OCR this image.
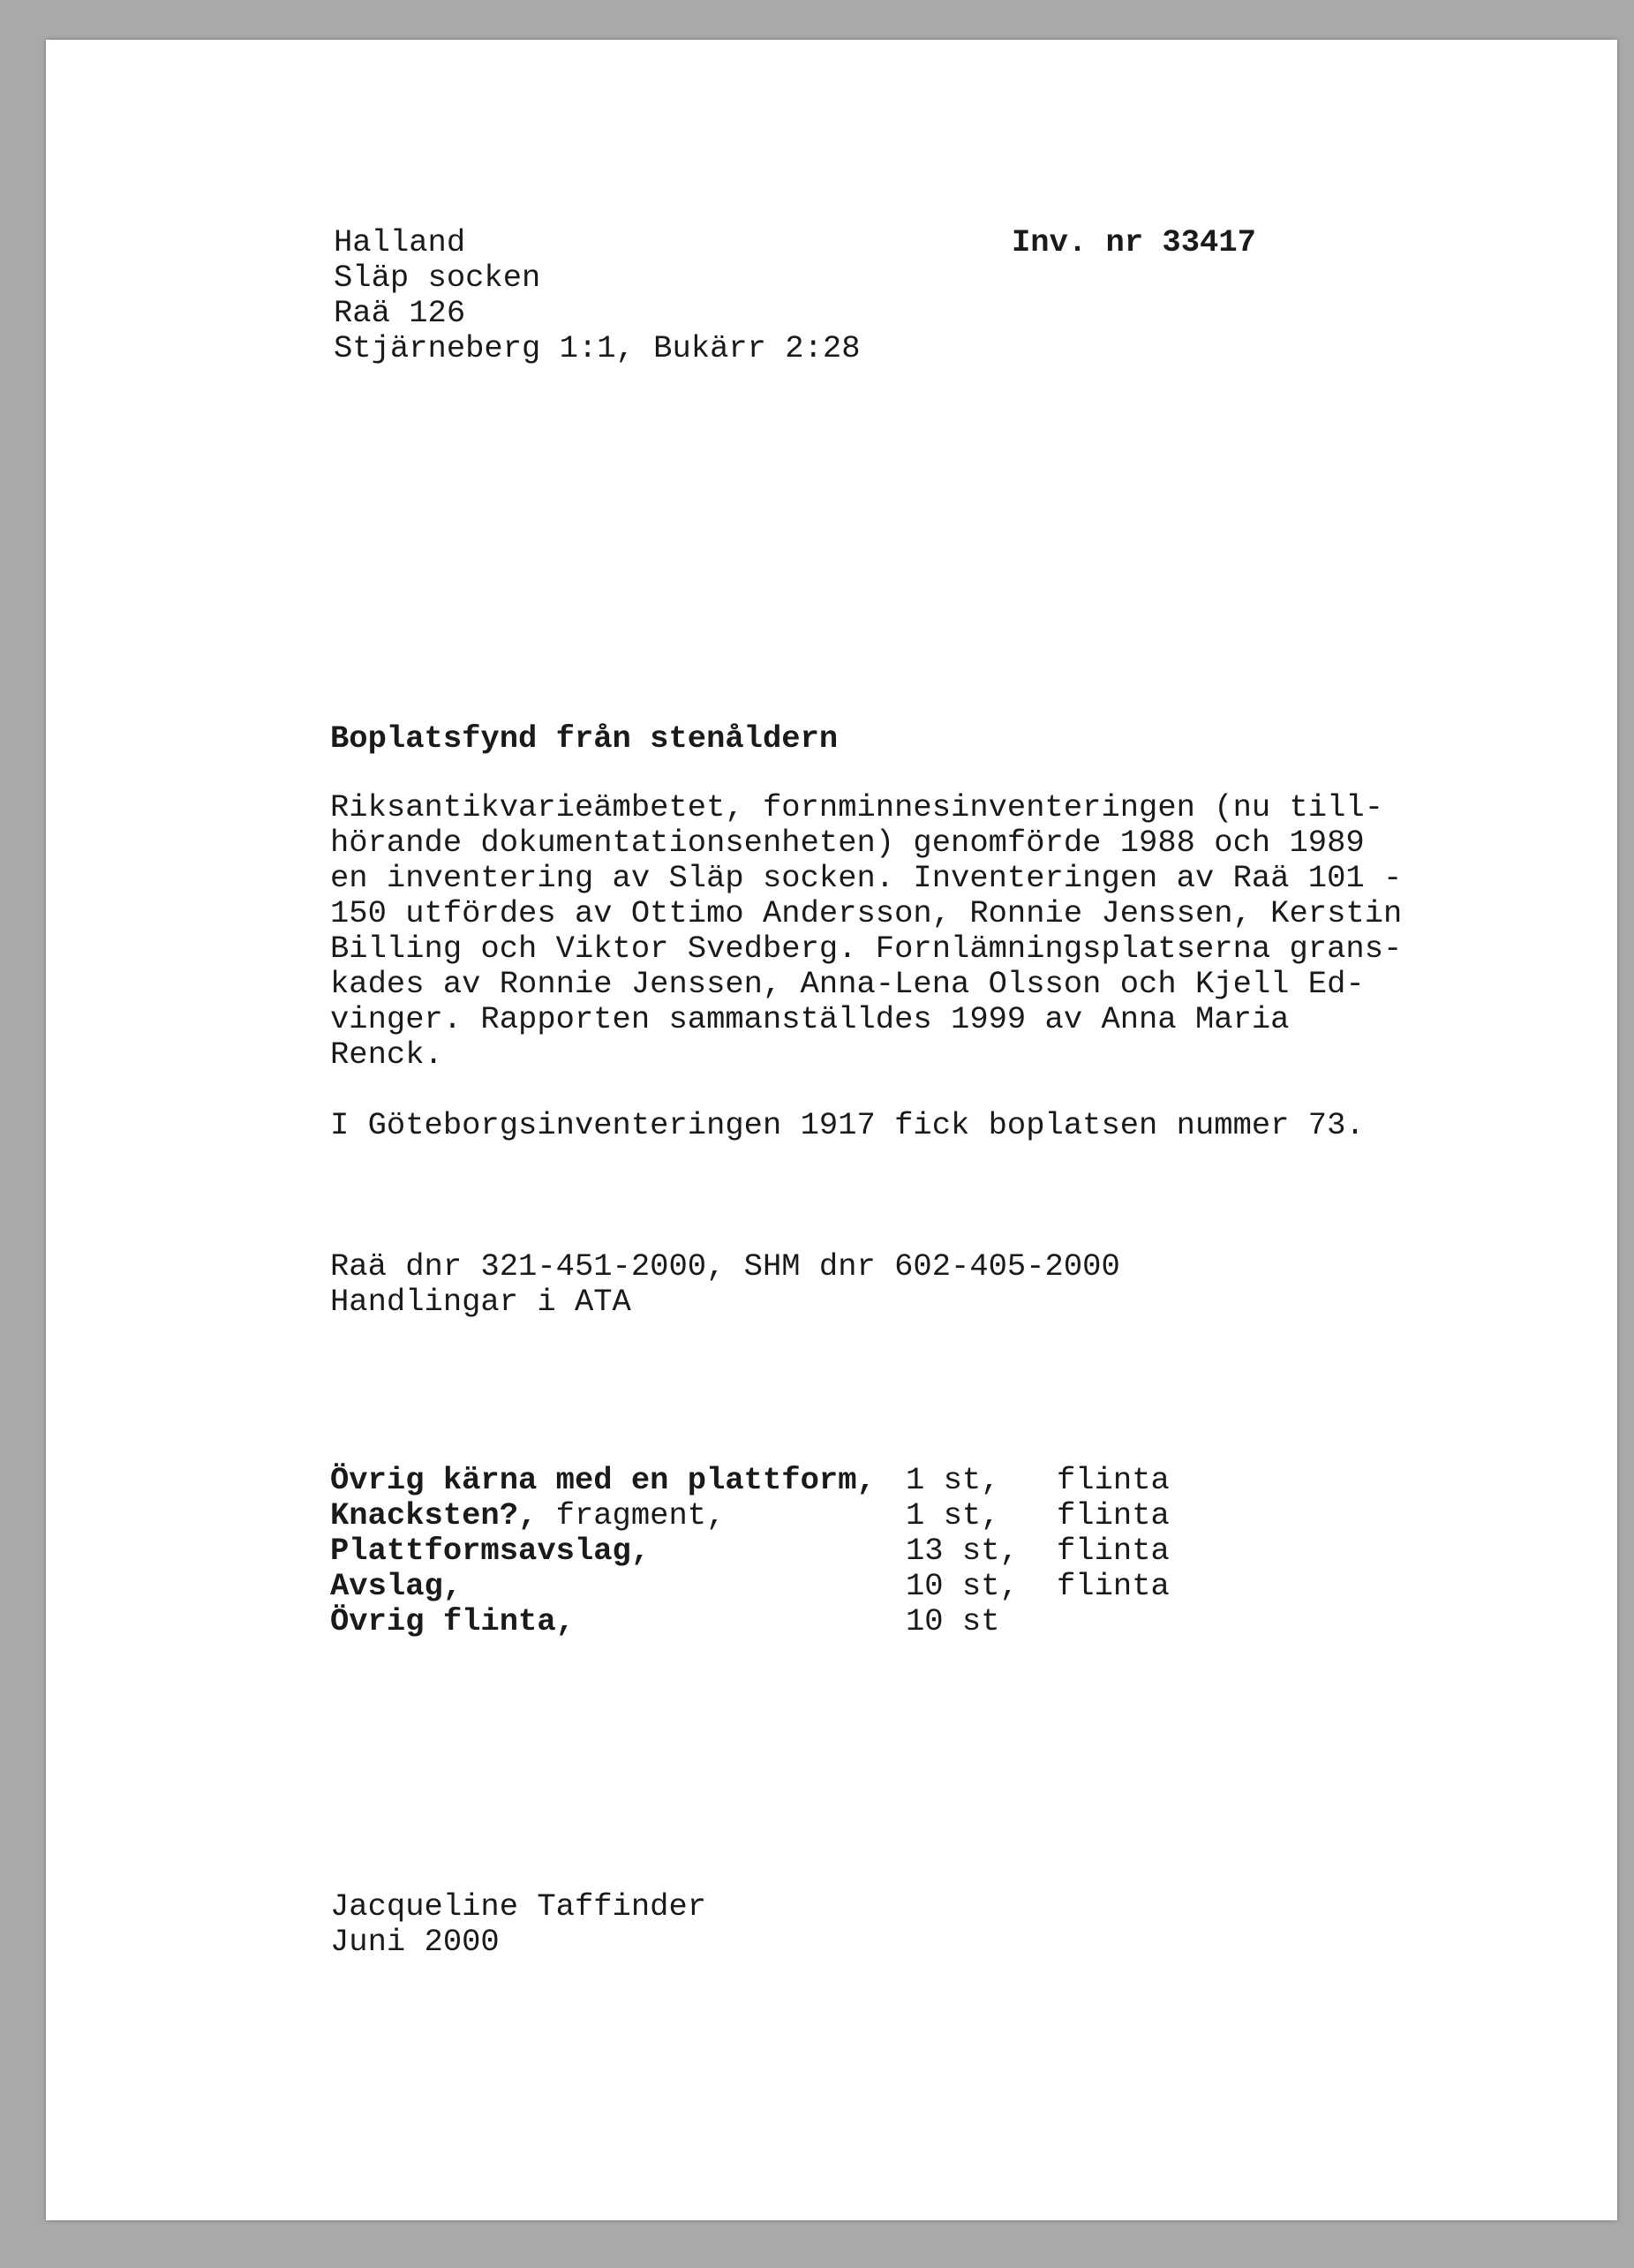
Halland
Släp socken
Raä 126
Stjärneberg 1:1, Bukärr 2:28
Inv. nr 33417
Boplatsfynd från stenåldern
Riksantikvarieämbetet, fornminnesinventeringen (nu till-
hörande dokumentationsenheten) genomförde 1988 och 1989
en inventering av Släp socken. Inventeringen av Raä 101 -
150 utfördes av Ottimo Andersson, Ronnie Jenssen, Kerstin
Billing och Viktor Svedberg. Fornlämningsplatserna grans-
kades av Ronnie Jenssen, Anna-Lena Olsson och Kjell Ed-
vinger. Rapporten sammanställdes 1999 av Anna Maria
Renck.
I Göteborgsinventeringen 1917 fick boplatsen nummer 73.
Raä dnr 321-451-2000, SHM dnr 602-405-2000
Handlingar i ATA
Övrig kärna med en plattform, 1 st, flinta
Knacksten?, fragment,	1 st, flinta
Plattformsavslag,	13 st, flinta
Avslag,	10 st, flinta
Övrig flinta,	10 st
Jacqueline Taffinder
Juni 2000
